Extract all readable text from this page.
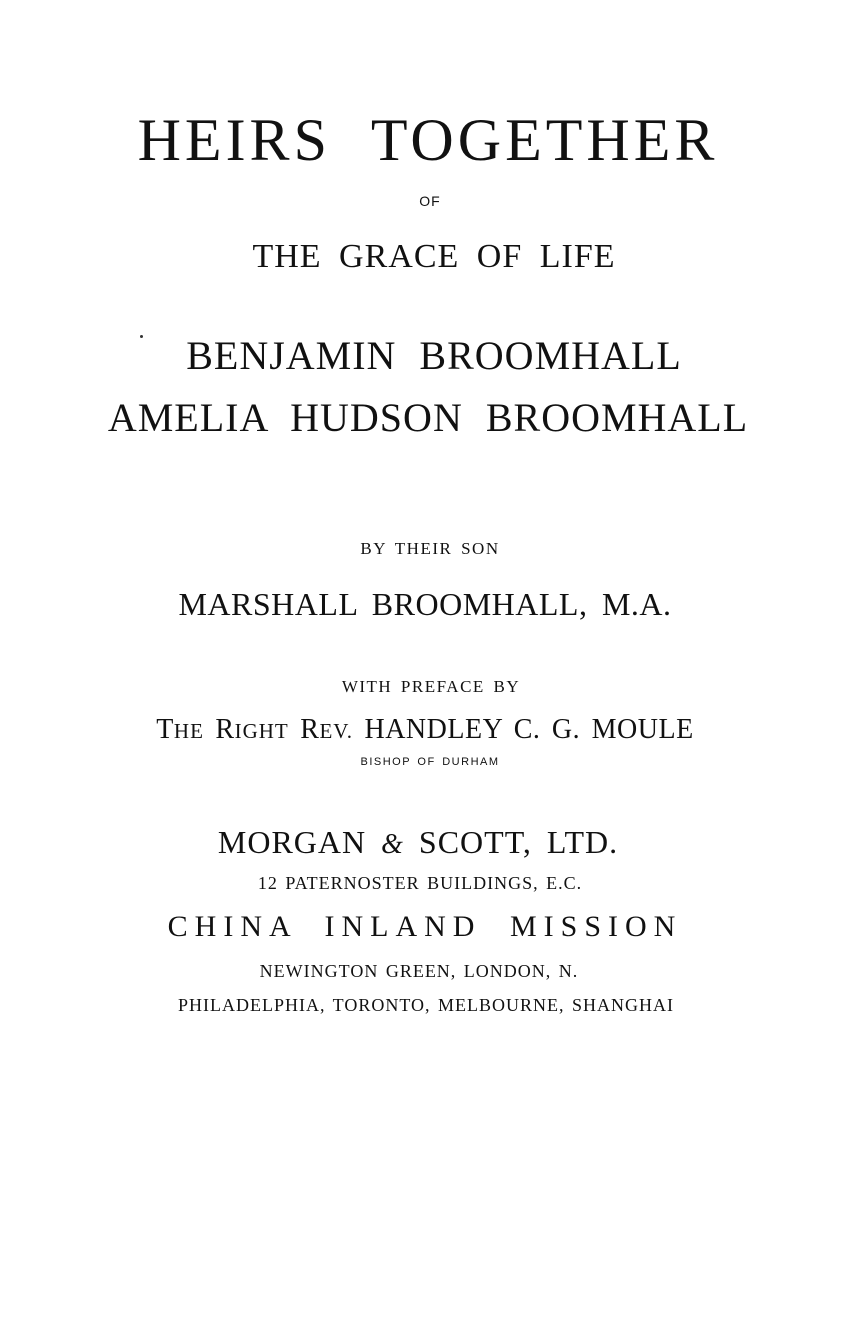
HEIRS TOGETHER
OF
THE GRACE OF LIFE
BENJAMIN BROOMHALL
AMELIA HUDSON BROOMHALL
BY THEIR SON
MARSHALL BROOMHALL, M.A.
WITH PREFACE BY
THE RIGHT REV. HANDLEY C. G. MOULE
BISHOP OF DURHAM
MORGAN & SCOTT, LTD.
12 PATERNOSTER BUILDINGS, E.C.
CHINA INLAND MISSION
NEWINGTON GREEN, LONDON, N.
PHILADELPHIA, TORONTO, MELBOURNE, SHANGHAI
